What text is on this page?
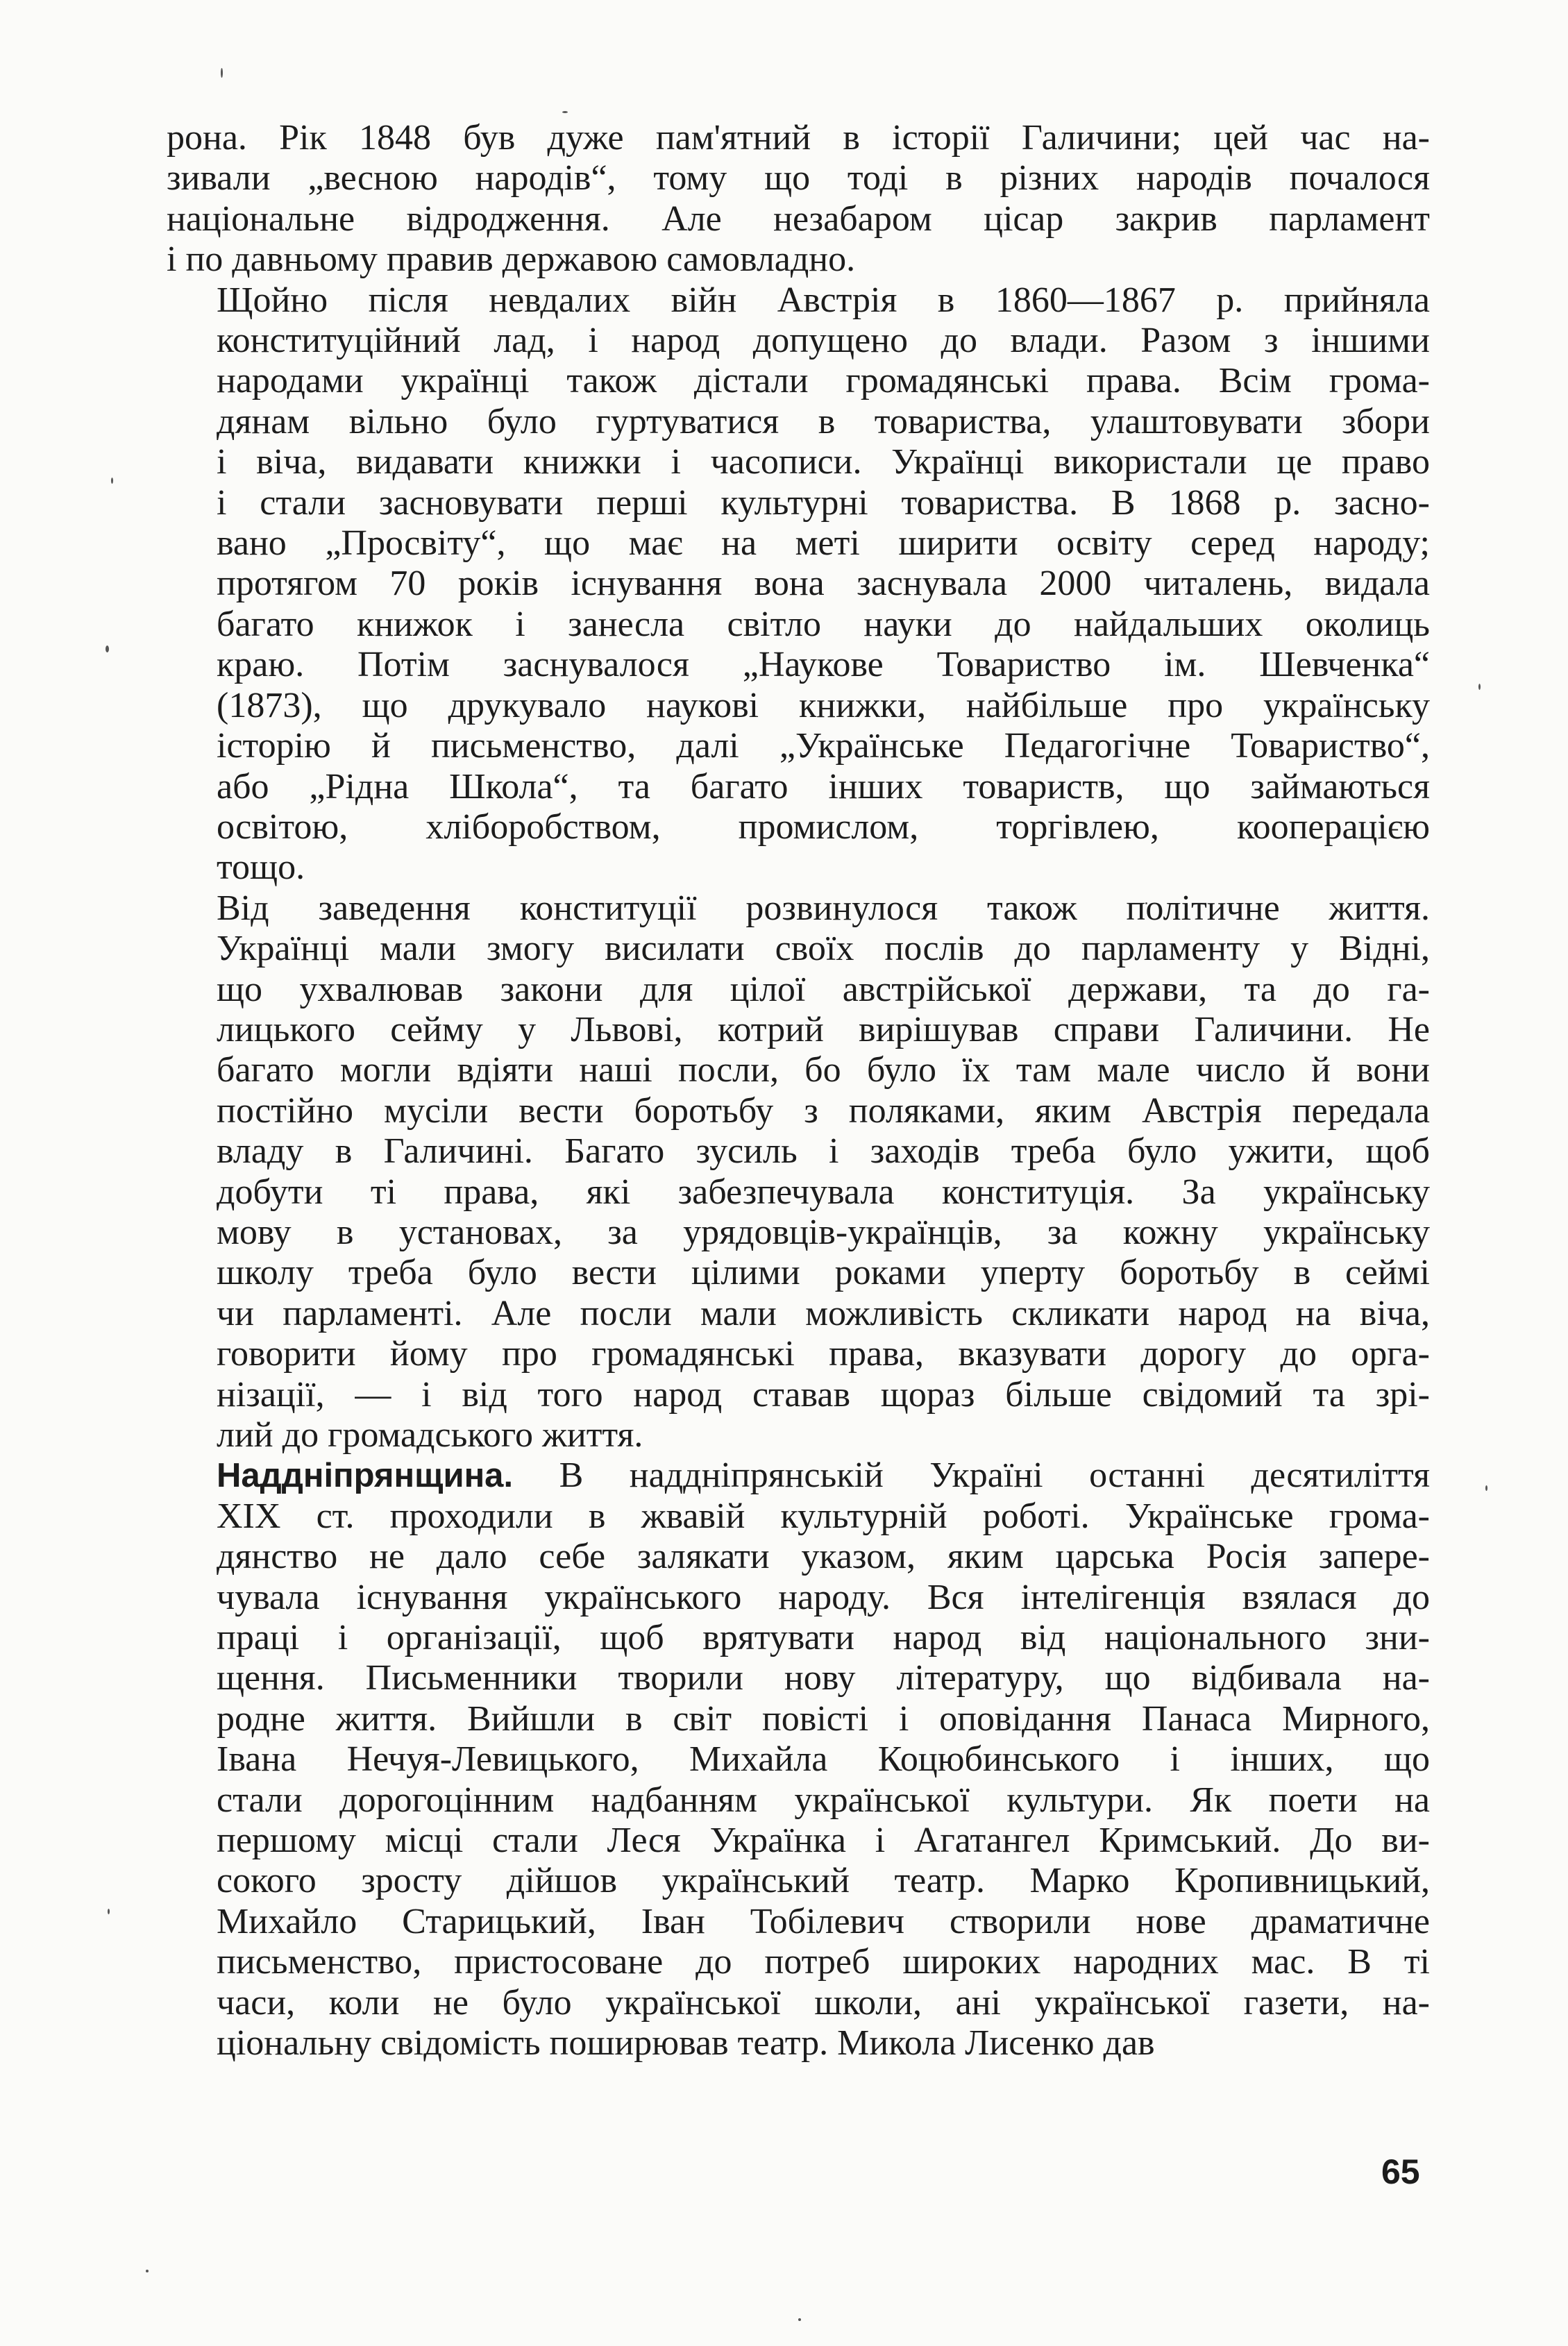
рона. Рік 1848 був дуже пам'ятний в історії Галичини; цей час на-
зивали „весною народів“, тому що тоді в різних народів почалося
національне відродження. Але незабаром цісар закрив парламент
і по давньому правив державою самовладно.
Щойно після невдалих війн Австрія в 1860—1867 р. прийняла
конституційний лад, і народ допущено до влади. Разом з іншими
народами українці також дістали громадянські права. Всім грома-
дянам вільно було гуртуватися в товариства, улаштовувати збори
і віча, видавати книжки і часописи. Українці використали це право
і стали засновувати перші культурні товариства. В 1868 р. засно-
вано „Просвіту“, що має на меті ширити освіту серед народу;
протягом 70 років існування вона заснувала 2000 читалень, видала
багато книжок і занесла світло науки до найдальших околиць
краю. Потім заснувалося „Наукове Товариство ім. Шевченка“
(1873), що друкувало наукові книжки, найбільше про українську
історію й письменство, далі „Українське Педагогічне Товариство“,
або „Рідна Школа“, та багато інших товариств, що займаються
освітою, хліборобством, промислом, торгівлею, кооперацією
тощо.
Від заведення конституції розвинулося також політичне життя.
Українці мали змогу висилати своїх послів до парламенту у Відні,
що ухвалював закони для цілої австрійської держави, та до га-
лицького сейму у Львові, котрий вирішував справи Галичини. Не
багато могли вдіяти наші посли, бо було їх там мале число й вони
постійно мусіли вести боротьбу з поляками, яким Австрія передала
владу в Галичині. Багато зусиль і заходів треба було ужити, щоб
добути ті права, які забезпечувала конституція. За українську
мову в установах, за урядовців-українців, за кожну українську
школу треба було вести цілими роками уперту боротьбу в сеймі
чи парламенті. Але посли мали можливість скликати народ на віча,
говорити йому про громадянські права, вказувати дорогу до орга-
нізації, — і від того народ ставав щораз більше свідомий та зрі-
лий до громадського життя.
Наддніпрянщина. В наддніпрянській Україні останні десятиліття
XIX ст. проходили в жвавій культурній роботі. Українське грома-
дянство не дало себе залякати указом, яким царська Росія запере-
чувала існування українського народу. Вся інтелігенція взялася до
праці і організації, щоб врятувати народ від національного зни-
щення. Письменники творили нову літературу, що відбивала на-
родне життя. Вийшли в світ повісті і оповідання Панаса Мирного,
Івана Нечуя-Левицького, Михайла Коцюбинського і інших, що
стали дорогоцінним надбанням української культури. Як поети на
першому місці стали Леся Українка і Агатангел Кримський. До ви-
сокого зросту дійшов український театр. Марко Кропивницький,
Михайло Старицький, Іван Тобілевич створили нове драматичне
письменство, пристосоване до потреб широких народних мас. В ті
часи, коли не було української школи, ані української газети, на-
ціональну свідомість поширював театр. Микола Лисенко дав
65
